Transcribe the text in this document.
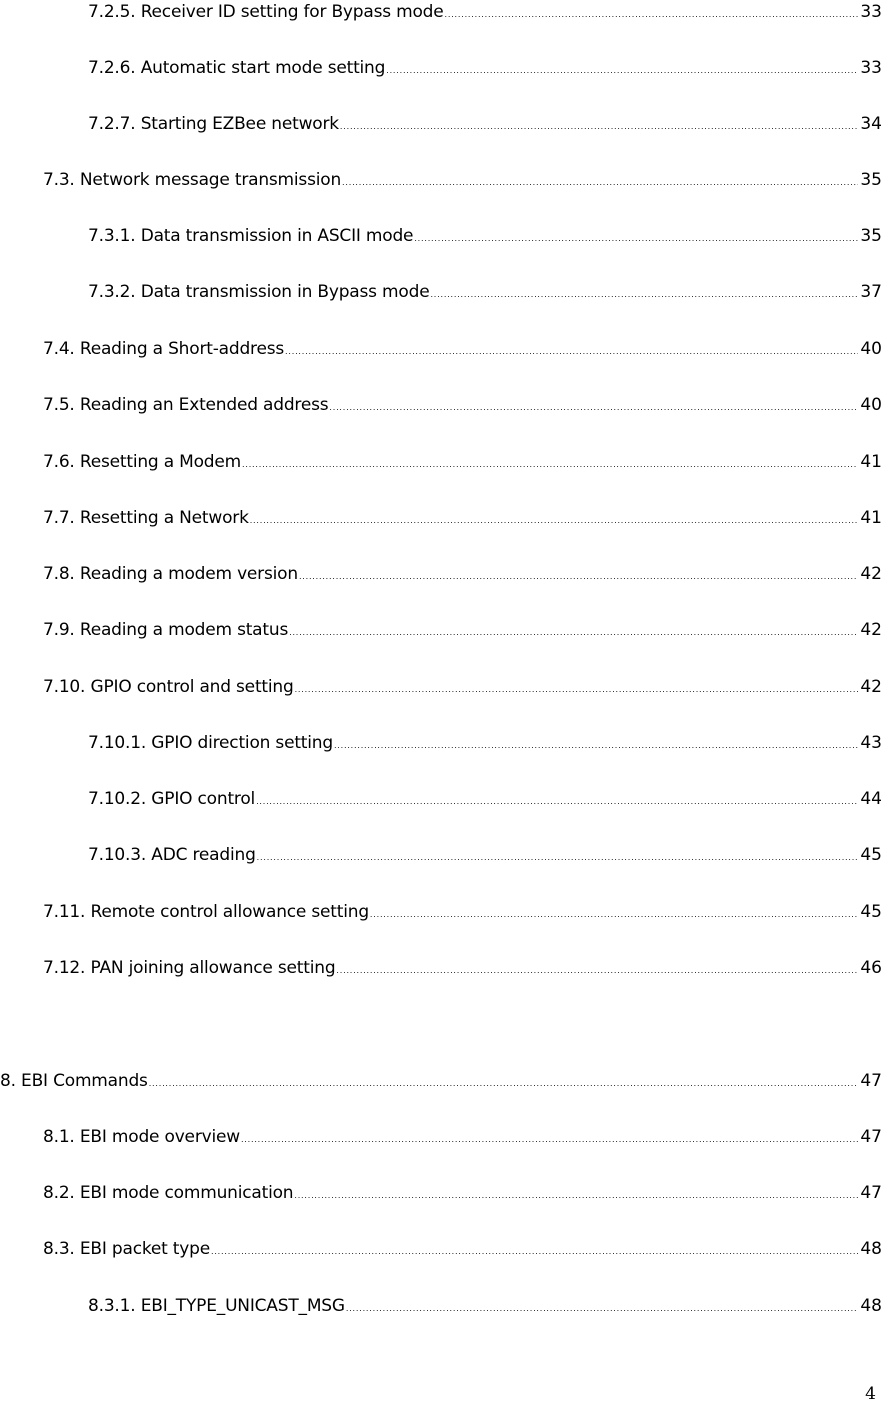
7.2.5. Receiver ID setting for Bypass mode .....	33
7.2.6. Automatic start mode setting .....	33
7.2.7. Starting EZBee network .....	34
7.3. Network message transmission .....	35
7.3.1. Data transmission in ASCII mode .....	35
7.3.2. Data transmission in Bypass mode .....	37
7.4. Reading a Short-address .....	40
7.5. Reading an Extended address .....	40
7.6. Resetting a Modem .....	41
7.7. Resetting a Network .....	41
7.8. Reading a modem version .....	42
7.9. Reading a modem status .....	42
7.10. GPIO control and setting .....	42
7.10.1. GPIO direction setting .....	43
7.10.2. GPIO control .....	44
7.10.3. ADC reading .....	45
7.11. Remote control allowance setting .....	45
7.12. PAN joining allowance setting .....	46
8. EBI Commands .....	47
8.1. EBI mode overview .....	47
8.2. EBI mode communication .....	47
8.3. EBI packet type .....	48
8.3.1. EBI_TYPE_UNICAST_MSG .....	48
4
